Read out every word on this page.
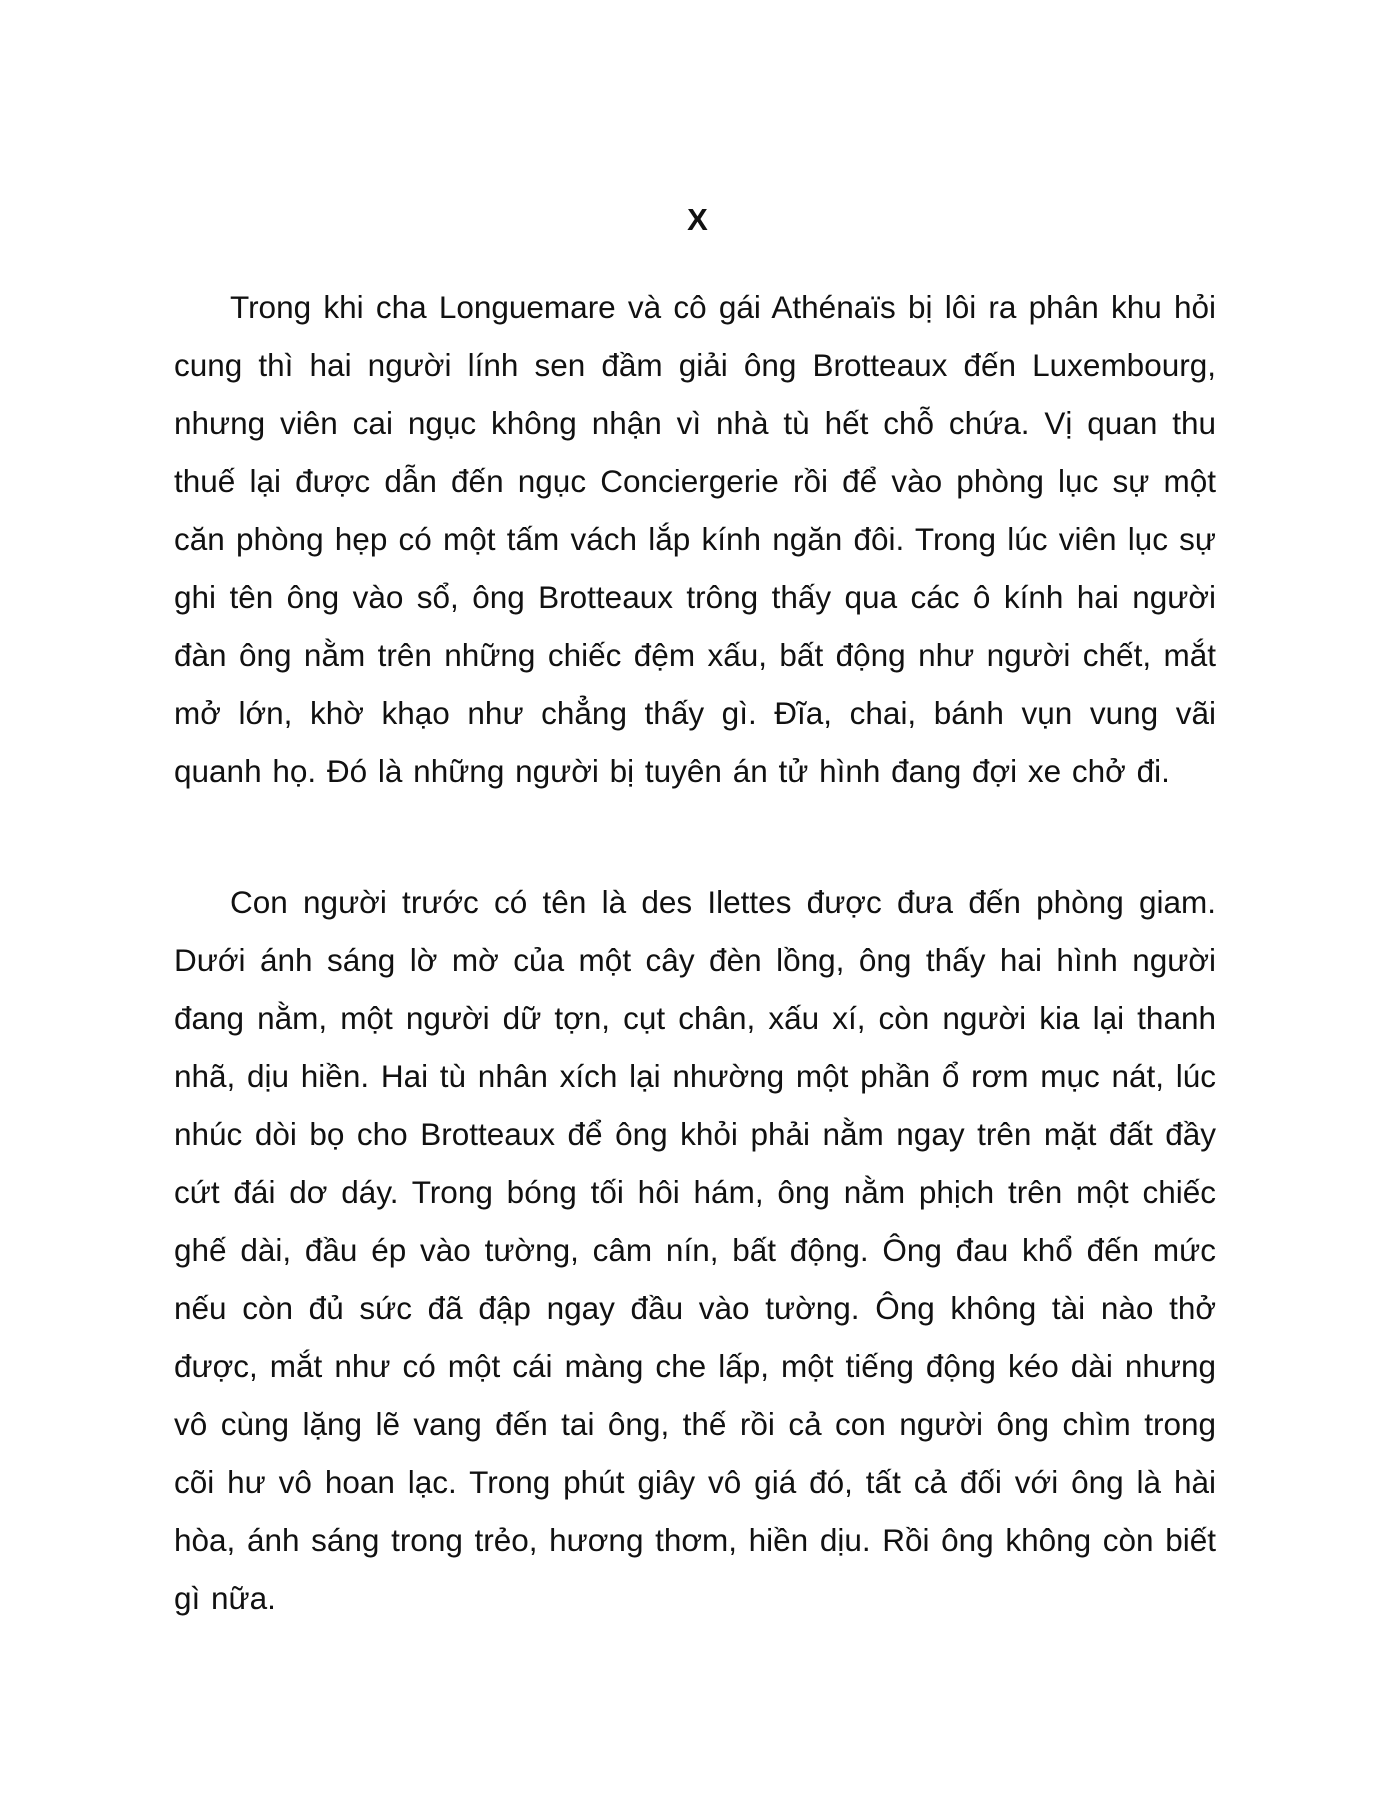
X

Trong khi cha Longuemare và cô gái Athénaïs bị lôi ra phân khu hỏi cung thì hai người lính sen đầm giải ông Brotteaux đến Luxembourg, nhưng viên cai ngục không nhận vì nhà tù hết chỗ chứa. Vị quan thu thuế lại được dẫn đến ngục Conciergerie rồi để vào phòng lục sự một căn phòng hẹp có một tấm vách lắp kính ngăn đôi. Trong lúc viên lục sự ghi tên ông vào sổ, ông Brotteaux trông thấy qua các ô kính hai người đàn ông nằm trên những chiếc đệm xấu, bất động như người chết, mắt mở lớn, khờ khạo như chẳng thấy gì. Đĩa, chai, bánh vụn vung vãi quanh họ. Đó là những người bị tuyên án tử hình đang đợi xe chở đi.

Con người trước có tên là des Ilettes được đưa đến phòng giam. Dưới ánh sáng lờ mờ của một cây đèn lồng, ông thấy hai hình người đang nằm, một người dữ tợn, cụt chân, xấu xí, còn người kia lại thanh nhã, dịu hiền. Hai tù nhân xích lại nhường một phần ổ rơm mục nát, lúc nhúc dòi bọ cho Brotteaux để ông khỏi phải nằm ngay trên mặt đất đầy cứt đái dơ dáy. Trong bóng tối hôi hám, ông nằm phịch trên một chiếc ghế dài, đầu ép vào tường, câm nín, bất động. Ông đau khổ đến mức nếu còn đủ sức đã đập ngay đầu vào tường. Ông không tài nào thở được, mắt như có một cái màng che lấp, một tiếng động kéo dài nhưng vô cùng lặng lẽ vang đến tai ông, thế rồi cả con người ông chìm trong cõi hư vô hoan lạc. Trong phút giây vô giá đó, tất cả đối với ông là hài hòa, ánh sáng trong trẻo, hương thơm, hiền dịu. Rồi ông không còn biết gì nữa.
